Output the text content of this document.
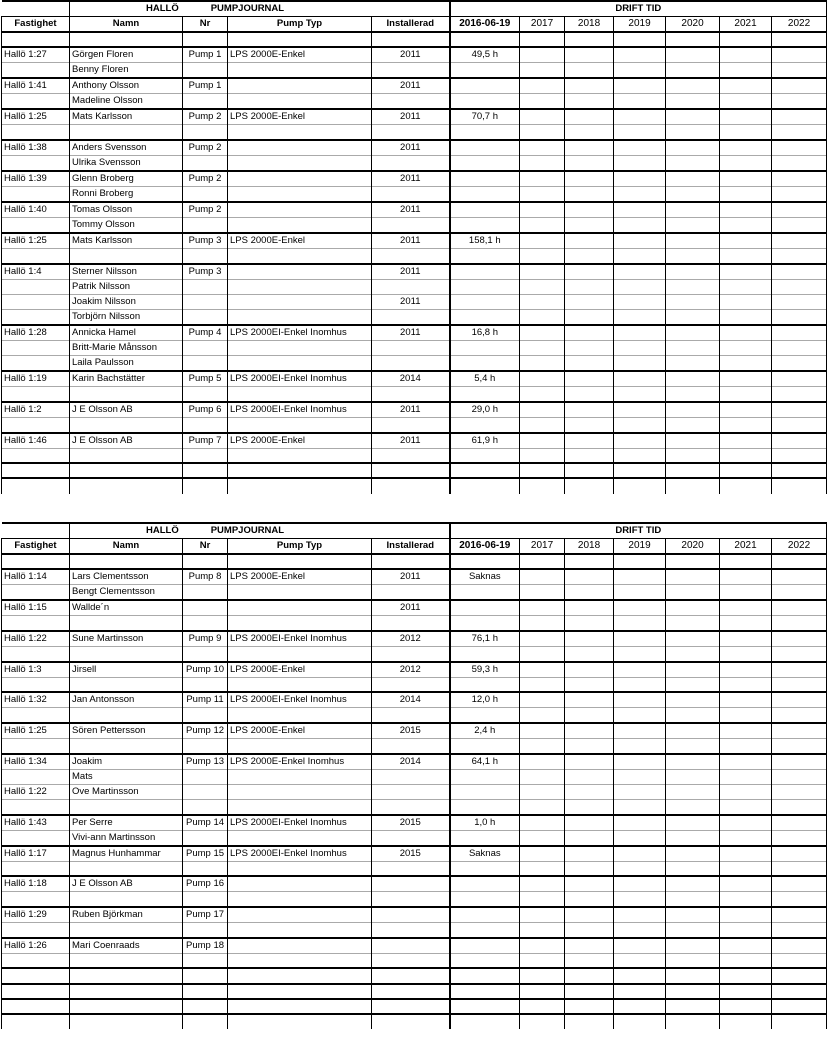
	HALLÖ PUMPJOURNAL				DRIFT TID						
Fastighet	Namn	Nr	Pump Typ	Installerad	2016-06-19	2017	2018	2019	2020	2021	2022

Hallö 1:27	Görgen Floren	Pump 1	LPS 2000E-Enkel	2011	49,5 h						
	Benny Floren										
Hallö 1:41	Anthony Olsson	Pump 1		2011							
	Madeline Olsson										
Hallö 1:25	Mats Karlsson	Pump 2	LPS 2000E-Enkel	2011	70,7 h						

Hallö 1:38	Anders Svensson	Pump 2		2011							
	Ulrika Svensson										
Hallö 1:39	Glenn Broberg	Pump 2		2011							
	Ronni Broberg										
Hallö 1:40	Tomas Olsson	Pump 2		2011							
	Tommy Olsson										
Hallö 1:25	Mats Karlsson	Pump 3	LPS 2000E-Enkel	2011	158,1 h						

Hallö 1:4	Sterner Nilsson	Pump 3		2011							
	Patrik Nilsson										
	Joakim Nilsson			2011							
	Torbjörn Nilsson										
Hallö 1:28	Annicka Hamel	Pump 4	LPS 2000EI-Enkel Inomhus	2011	16,8 h						
	Britt-Marie Månsson										
	Laila Paulsson										
Hallö 1:19	Karin Bachstätter	Pump 5	LPS 2000EI-Enkel Inomhus	2014	5,4 h						

Hallö 1:2	J E Olsson AB	Pump 6	LPS 2000EI-Enkel Inomhus	2011	29,0 h						

Hallö 1:46	J E Olsson AB	Pump 7	LPS 2000E-Enkel	2011	61,9 h						

	HALLÖ PUMPJOURNAL				DRIFT TID						
Fastighet	Namn	Nr	Pump Typ	Installerad	2016-06-19	2017	2018	2019	2020	2021	2022

Hallö 1:14	Lars Clementsson	Pump 8	LPS 2000E-Enkel	2011	Saknas						
	Bengt Clementsson										
Hallö 1:15	Wallde´n			2011							

Hallö 1:22	Sune Martinsson	Pump 9	LPS 2000EI-Enkel Inomhus	2012	76,1 h						

Hallö 1:3	Jirsell	Pump 10	LPS 2000E-Enkel	2012	59,3 h						

Hallö 1:32	Jan Antonsson	Pump 11	LPS 2000EI-Enkel Inomhus	2014	12,0 h						

Hallö 1:25	Sören Pettersson	Pump 12	LPS 2000E-Enkel	2015	2,4 h						

Hallö 1:34	Joakim	Pump 13	LPS 2000E-Enkel Inomhus	2014	64,1 h						
	Mats										
Hallö 1:22	Ove Martinsson										

Hallö 1:43	Per Serre	Pump 14	LPS 2000EI-Enkel Inomhus	2015	1,0 h						
	Vivi-ann Martinsson										
Hallö 1:17	Magnus Hunhammar	Pump 15	LPS 2000EI-Enkel Inomhus	2015	Saknas						

Hallö 1:18	J E Olsson AB	Pump 16									

Hallö 1:29	Ruben Björkman	Pump 17									

Hallö 1:26	Mari Coenraads	Pump 18									
